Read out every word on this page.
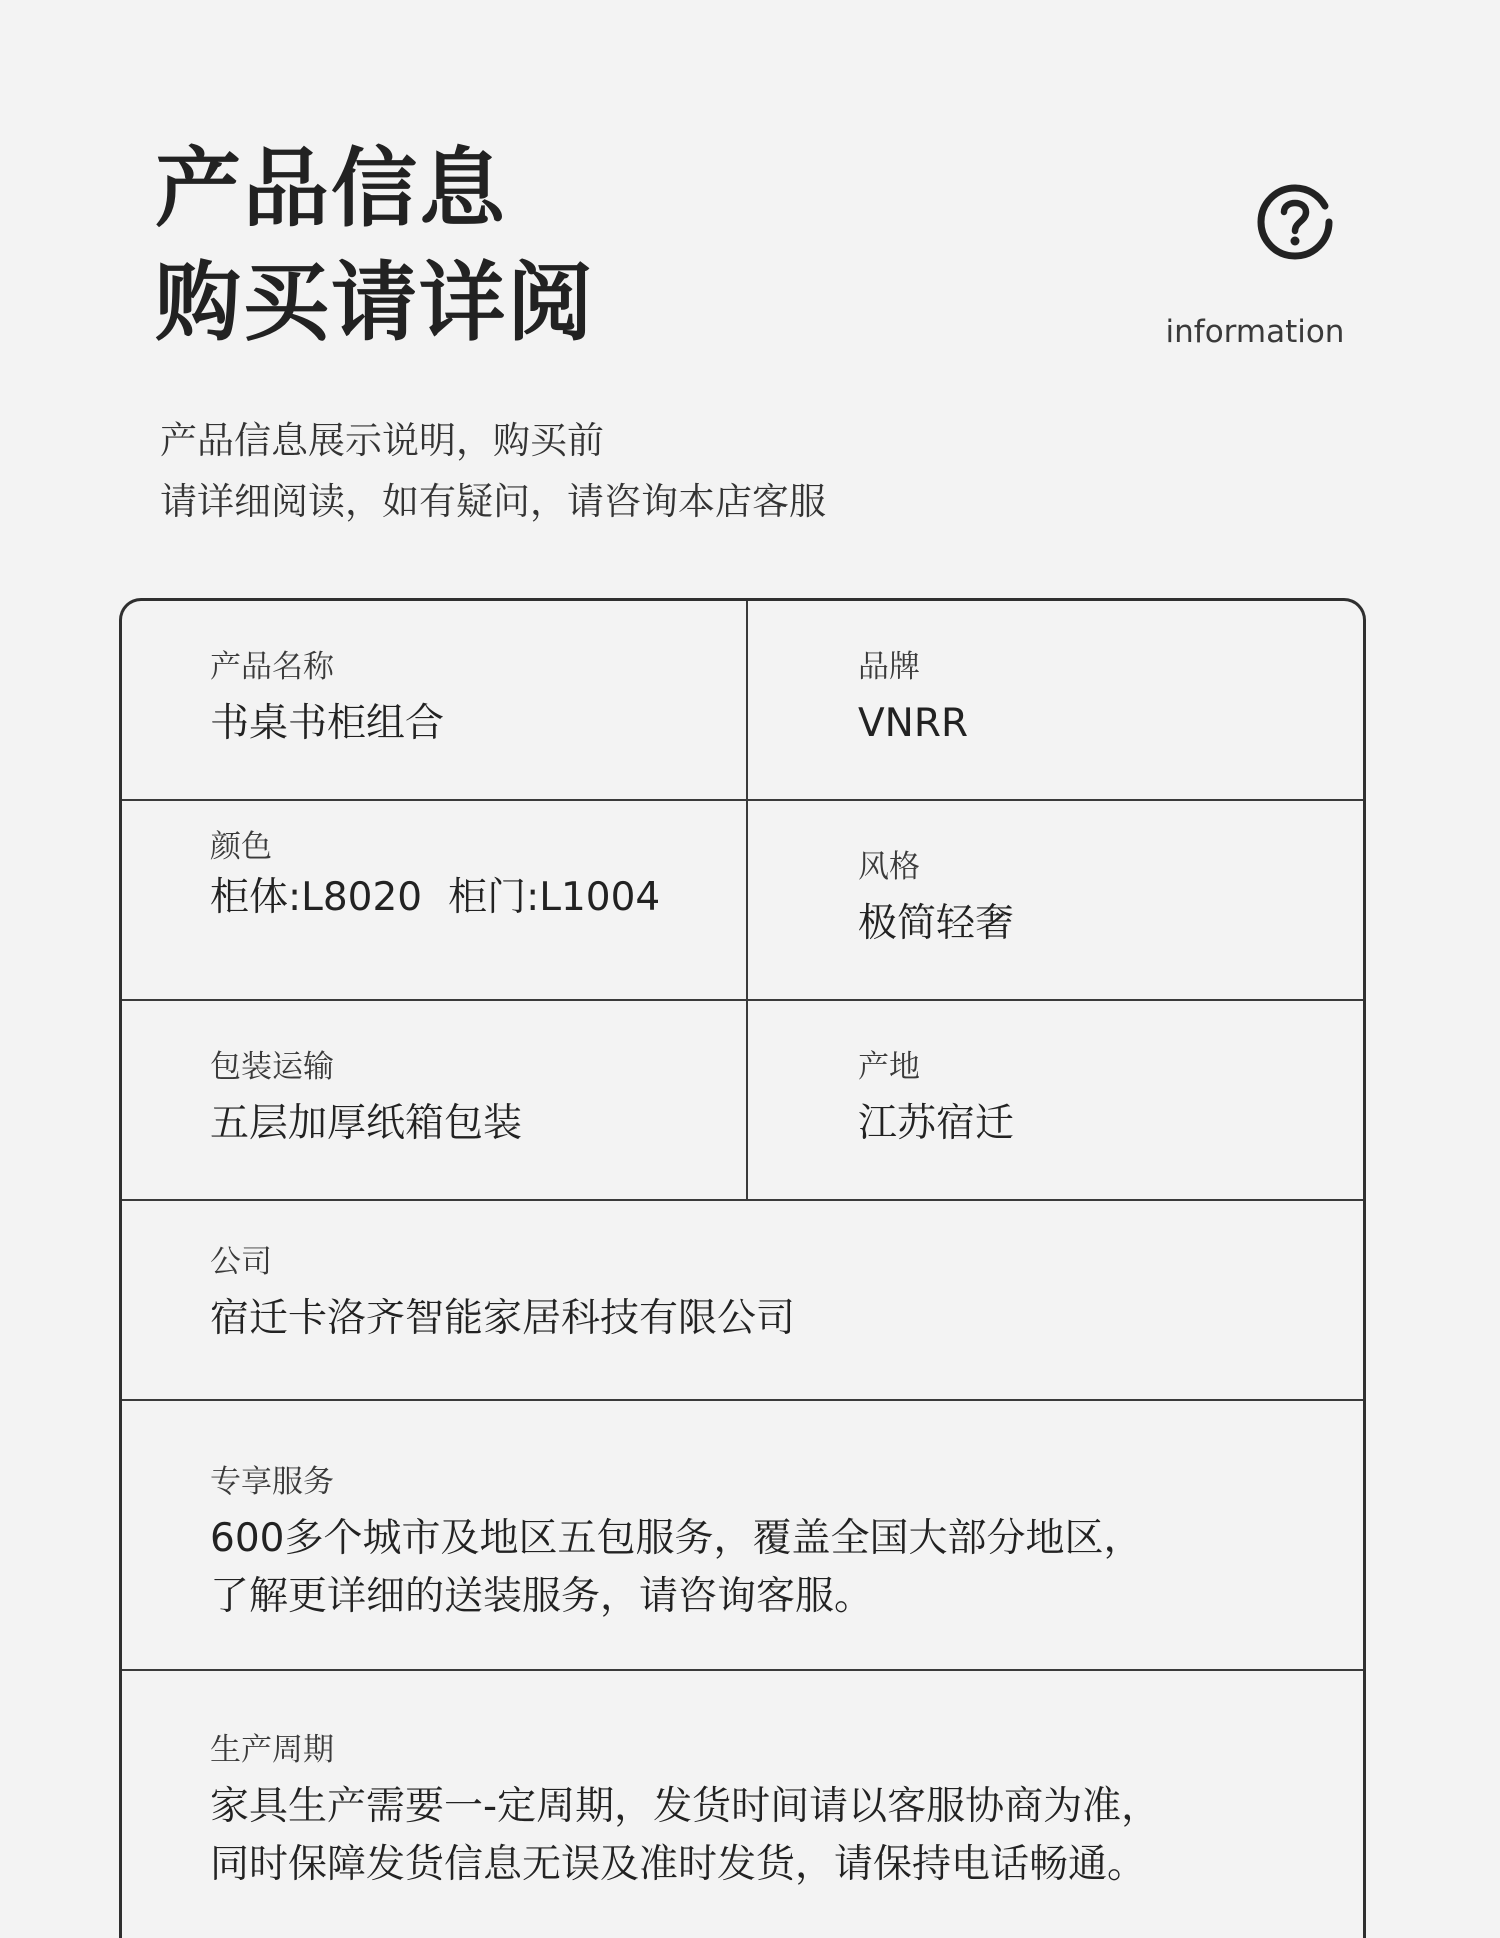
产品信息
购买请详阅	information
产品信息展示说明，购买前
请详细阅读，如有疑问，请咨询本店客服
产品名称
书桌书柜组合
品牌
VNRR
颜色
柜体:L8020 柜门:L1004
风格
极简轻奢
包装运输
五层加厚纸箱包装
产地
江苏宿迁
公司
宿迁卡洛齐智能家居科技有限公司
专享服务
600多个城市及地区五包服务，覆盖全国大部分地区，
了解更详细的送装服务，请咨询客服。
生产周期
家具生产需要一-定周期，发货时间请以客服协商为准，
同时保障发货信息无误及准时发货，请保持电话畅通。
